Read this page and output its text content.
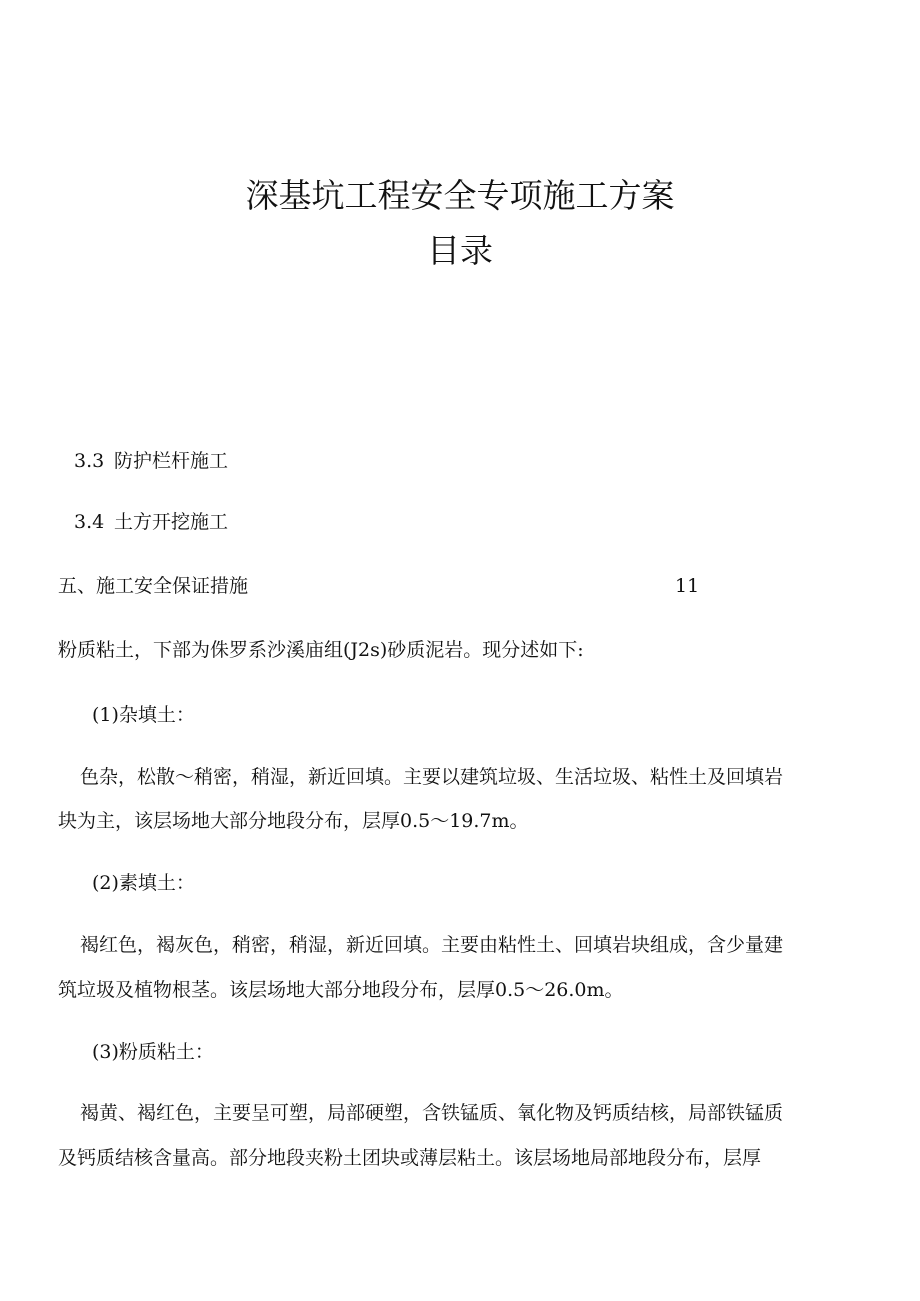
深基坑工程安全专项施工方案
目录
3.3 防护栏杆施工
3.4 土方开挖施工
五、施工安全保证措施	11
粉质粘土，下部为侏罗系沙溪庙组(J2s)砂质泥岩。现分述如下:
(1)杂填土：
色杂，松散～稍密，稍湿，新近回填。主要以建筑垃圾、生活垃圾、粘性土及回填岩
块为主，该层场地大部分地段分布，层厚0.5～19.7m。
(2)素填土：
褐红色，褐灰色，稍密，稍湿，新近回填。主要由粘性土、回填岩块组成，含少量建
筑垃圾及植物根茎。该层场地大部分地段分布，层厚0.5～26.0m。
(3)粉质粘土：
褐黄、褐红色，主要呈可塑，局部硬塑，含铁锰质、氧化物及钙质结核，局部铁锰质
及钙质结核含量高。部分地段夹粉土团块或薄层粘土。该层场地局部地段分布，层厚
